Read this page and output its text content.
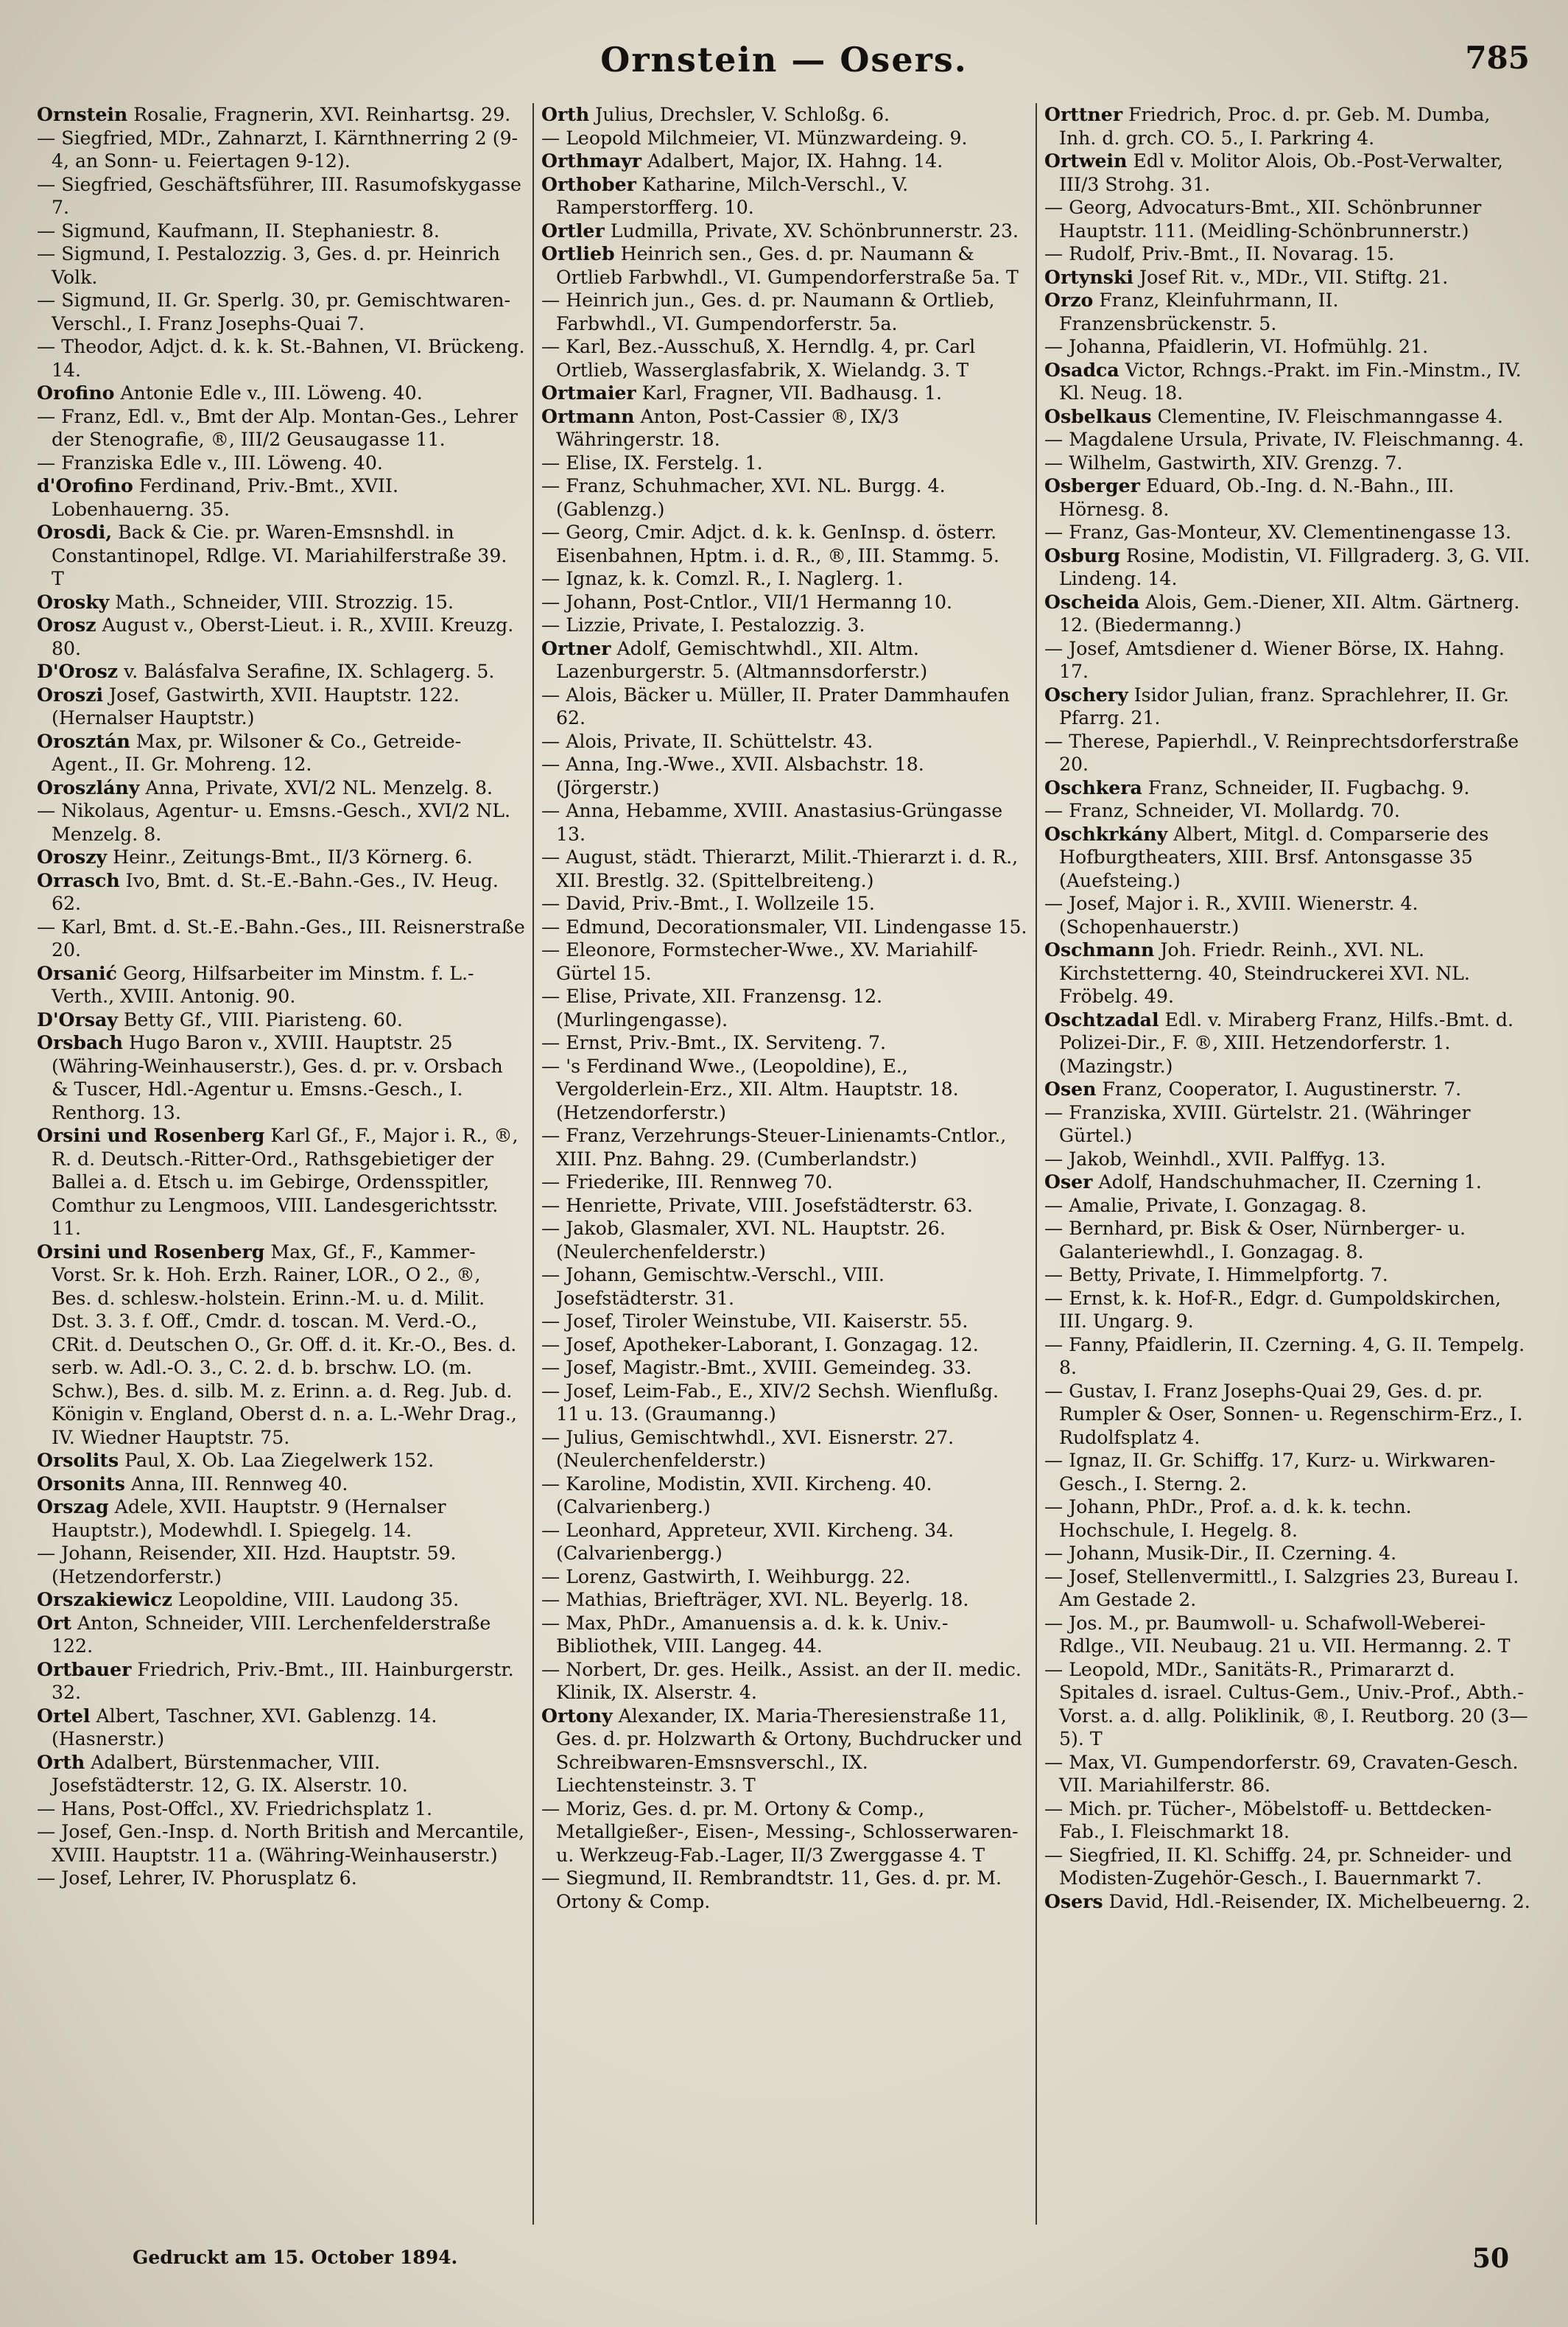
Ornstein — Osers.	785

Ornstein Rosalie, Fragnerin, XVI. Reinhartsg. 29.

— Siegfried, MDr., Zahnarzt, I. Kärnthnerring 2 (9-4, an Sonn- u. Feiertagen 9-12).

— Siegfried, Geschäftsführer, III. Rasumofskygasse 7.

— Sigmund, Kaufmann, II. Stephaniestr. 8.

— Sigmund, I. Pestalozzig. 3, Ges. d. pr. Heinrich Volk.

— Sigmund, II. Gr. Sperlg. 30, pr. Gemischtwaren-Verschl., I. Franz Josephs-Quai 7.

— Theodor, Adjct. d. k. k. St.-Bahnen, VI. Brückeng. 14.

Orofino Antonie Edle v., III. Löweng. 40.

— Franz, Edl. v., Bmt der Alp. Montan-Ges., Lehrer der Stenografie, ®, III/2 Geusaugasse 11.

— Franziska Edle v., III. Löweng. 40.

d'Orofino Ferdinand, Priv.-Bmt., XVII. Lobenhauerng. 35.

Orosdi, Back & Cie. pr. Waren-Emsnshdl. in Constantinopel, Rdlge. VI. Mariahilferstraße 39. T

Orosky Math., Schneider, VIII. Strozzig. 15.

Orosz August v., Oberst-Lieut. i. R., XVIII. Kreuzg. 80.

D'Orosz v. Balásfalva Serafine, IX. Schlagerg. 5.

Oroszi Josef, Gastwirth, XVII. Hauptstr. 122. (Hernalser Hauptstr.)

Orosztán Max, pr. Wilsoner & Co., Getreide-Agent., II. Gr. Mohreng. 12.

Oroszlány Anna, Private, XVI/2 NL. Menzelg. 8.

— Nikolaus, Agentur- u. Emsns.-Gesch., XVI/2 NL. Menzelg. 8.

Oroszy Heinr., Zeitungs-Bmt., II/3 Körnerg. 6.

Orrasch Ivo, Bmt. d. St.-E.-Bahn.-Ges., IV. Heug. 62.

— Karl, Bmt. d. St.-E.-Bahn.-Ges., III. Reisnerstraße 20.

Orsanić Georg, Hilfsarbeiter im Minstm. f. L.-Verth., XVIII. Antonig. 90.

D'Orsay Betty Gf., VIII. Piaristeng. 60.

Orsbach Hugo Baron v., XVIII. Hauptstr. 25 (Währing-Weinhauserstr.), Ges. d. pr. v. Orsbach & Tuscer, Hdl.-Agentur u. Emsns.-Gesch., I. Renthorg. 13.

Orsini und Rosenberg Karl Gf., F., Major i. R., ®, R. d. Deutsch.-Ritter-Ord., Rathsgebietiger der Ballei a. d. Etsch u. im Gebirge, Ordensspitler, Comthur zu Lengmoos, VIII. Landesgerichtsstr. 11.

Orsini und Rosenberg Max, Gf., F., Kammer-Vorst. Sr. k. Hoh. Erzh. Rainer, LOR., O 2., ®, Bes. d. schlesw.-holstein. Erinn.-M. u. d. Milit. Dst. 3. 3. f. Off., Cmdr. d. toscan. M. Verd.-O., CRit. d. Deutschen O., Gr. Off. d. it. Kr.-O., Bes. d. serb. w. Adl.-O. 3., C. 2. d. b. brschw. LO. (m. Schw.), Bes. d. silb. M. z. Erinn. a. d. Reg. Jub. d. Königin v. England, Oberst d. n. a. L.-Wehr Drag., IV. Wiedner Hauptstr. 75.

Orsolits Paul, X. Ob. Laa Ziegelwerk 152.

Orsonits Anna, III. Rennweg 40.

Orszag Adele, XVII. Hauptstr. 9 (Hernalser Hauptstr.), Modewhdl. I. Spiegelg. 14.

— Johann, Reisender, XII. Hzd. Hauptstr. 59. (Hetzendorferstr.)

Orszakiewicz Leopoldine, VIII. Laudong 35.

Ort Anton, Schneider, VIII. Lerchenfelderstraße 122.

Ortbauer Friedrich, Priv.-Bmt., III. Hainburgerstr. 32.

Ortel Albert, Taschner, XVI. Gablenzg. 14. (Hasnerstr.)

Orth Adalbert, Bürstenmacher, VIII. Josefstädterstr. 12, G. IX. Alserstr. 10.

— Hans, Post-Offcl., XV. Friedrichsplatz 1.

— Josef, Gen.-Insp. d. North British and Mercantile, XVIII. Hauptstr. 11 a. (Währing-Weinhauserstr.)

— Josef, Lehrer, IV. Phorusplatz 6.

Orth Julius, Drechsler, V. Schloßg. 6.

— Leopold Milchmeier, VI. Münzwardeing. 9.

Orthmayr Adalbert, Major, IX. Hahng. 14.

Orthober Katharine, Milch-Verschl., V. Ramperstorfferg. 10.

Ortler Ludmilla, Private, XV. Schönbrunnerstr. 23.

Ortlieb Heinrich sen., Ges. d. pr. Naumann & Ortlieb Farbwhdl., VI. Gumpendorferstraße 5a. T

— Heinrich jun., Ges. d. pr. Naumann & Ortlieb, Farbwhdl., VI. Gumpendorferstr. 5a.

— Karl, Bez.-Ausschuß, X. Herndlg. 4, pr. Carl Ortlieb, Wasserglasfabrik, X. Wielandg. 3. T

Ortmaier Karl, Fragner, VII. Badhausg. 1.

Ortmann Anton, Post-Cassier ®, IX/3 Währingerstr. 18.

— Elise, IX. Ferstelg. 1.

— Franz, Schuhmacher, XVI. NL. Burgg. 4. (Gablenzg.)

— Georg, Cmir. Adjct. d. k. k. GenInsp. d. österr. Eisenbahnen, Hptm. i. d. R., ®, III. Stammg. 5.

— Ignaz, k. k. Comzl. R., I. Naglerg. 1.

— Johann, Post-Cntlor., VII/1 Hermanng 10.

— Lizzie, Private, I. Pestalozzig. 3.

Ortner Adolf, Gemischtwhdl., XII. Altm. Lazenburgerstr. 5. (Altmannsdorferstr.)

— Alois, Bäcker u. Müller, II. Prater Dammhaufen 62.

— Alois, Private, II. Schüttelstr. 43.

— Anna, Ing.-Wwe., XVII. Alsbachstr. 18. (Jörgerstr.)

— Anna, Hebamme, XVIII. Anastasius-Grüngasse 13.

— August, städt. Thierarzt, Milit.-Thierarzt i. d. R., XII. Brestlg. 32. (Spittelbreiteng.)

— David, Priv.-Bmt., I. Wollzeile 15.

— Edmund, Decorationsmaler, VII. Lindengasse 15.

— Eleonore, Formstecher-Wwe., XV. Mariahilf-Gürtel 15.

— Elise, Private, XII. Franzensg. 12. (Murlingengasse).

— Ernst, Priv.-Bmt., IX. Serviteng. 7.

— 's Ferdinand Wwe., (Leopoldine), E., Vergolderlein-Erz., XII. Altm. Hauptstr. 18. (Hetzendorferstr.)

— Franz, Verzehrungs-Steuer-Linienamts-Cntlor., XIII. Pnz. Bahng. 29. (Cumberlandstr.)

— Friederike, III. Rennweg 70.

— Henriette, Private, VIII. Josefstädterstr. 63.

— Jakob, Glasmaler, XVI. NL. Hauptstr. 26. (Neulerchenfelderstr.)

— Johann, Gemischtw.-Verschl., VIII. Josefstädterstr. 31.

— Josef, Tiroler Weinstube, VII. Kaiserstr. 55.

— Josef, Apotheker-Laborant, I. Gonzagag. 12.

— Josef, Magistr.-Bmt., XVIII. Gemeindeg. 33.

— Josef, Leim-Fab., E., XIV/2 Sechsh. Wienflußg. 11 u. 13. (Graumanng.)

— Julius, Gemischtwhdl., XVI. Eisnerstr. 27. (Neulerchenfelderstr.)

— Karoline, Modistin, XVII. Kircheng. 40. (Calvarienberg.)

— Leonhard, Appreteur, XVII. Kircheng. 34. (Calvarienbergg.)

— Lorenz, Gastwirth, I. Weihburgg. 22.

— Mathias, Briefträger, XVI. NL. Beyerlg. 18.

— Max, PhDr., Amanuensis a. d. k. k. Univ.-Bibliothek, VIII. Langeg. 44.

— Norbert, Dr. ges. Heilk., Assist. an der II. medic. Klinik, IX. Alserstr. 4.

Ortony Alexander, IX. Maria-Theresienstraße 11, Ges. d. pr. Holzwarth & Ortony, Buchdrucker und Schreibwaren-Emsnsverschl., IX. Liechtensteinstr. 3. T

— Moriz, Ges. d. pr. M. Ortony & Comp., Metallgießer-, Eisen-, Messing-, Schlosserwaren- u. Werkzeug-Fab.-Lager, II/3 Zwerggasse 4. T

— Siegmund, II. Rembrandtstr. 11, Ges. d. pr. M. Ortony & Comp.

Orttner Friedrich, Proc. d. pr. Geb. M. Dumba, Inh. d. grch. CO. 5., I. Parkring 4.

Ortwein Edl v. Molitor Alois, Ob.-Post-Verwalter, III/3 Strohg. 31.

— Georg, Advocaturs-Bmt., XII. Schönbrunner Hauptstr. 111. (Meidling-Schönbrunnerstr.)

— Rudolf, Priv.-Bmt., II. Novarag. 15.

Ortynski Josef Rit. v., MDr., VII. Stiftg. 21.

Orzo Franz, Kleinfuhrmann, II. Franzensbrückenstr. 5.

— Johanna, Pfaidlerin, VI. Hofmühlg. 21.

Osadca Victor, Rchngs.-Prakt. im Fin.-Minstm., IV. Kl. Neug. 18.

Osbelkaus Clementine, IV. Fleischmanngasse 4.

— Magdalene Ursula, Private, IV. Fleischmanng. 4.

— Wilhelm, Gastwirth, XIV. Grenzg. 7.

Osberger Eduard, Ob.-Ing. d. N.-Bahn., III. Hörnesg. 8.

— Franz, Gas-Monteur, XV. Clementinengasse 13.

Osburg Rosine, Modistin, VI. Fillgraderg. 3, G. VII. Lindeng. 14.

Oscheida Alois, Gem.-Diener, XII. Altm. Gärtnerg. 12. (Biedermanng.)

— Josef, Amtsdiener d. Wiener Börse, IX. Hahng. 17.

Oschery Isidor Julian, franz. Sprachlehrer, II. Gr. Pfarrg. 21.

— Therese, Papierhdl., V. Reinprechtsdorferstraße 20.

Oschkera Franz, Schneider, II. Fugbachg. 9.

— Franz, Schneider, VI. Mollardg. 70.

Oschkrkány Albert, Mitgl. d. Comparserie des Hofburgtheaters, XIII. Brsf. Antonsgasse 35 (Auefsteing.)

— Josef, Major i. R., XVIII. Wienerstr. 4. (Schopenhauerstr.)

Oschmann Joh. Friedr. Reinh., XVI. NL. Kirchstetterng. 40, Steindruckerei XVI. NL. Fröbelg. 49.

Oschtzadal Edl. v. Miraberg Franz, Hilfs.-Bmt. d. Polizei-Dir., F. ®, XIII. Hetzendorferstr. 1. (Mazingstr.)

Osen Franz, Cooperator, I. Augustinerstr. 7.

— Franziska, XVIII. Gürtelstr. 21. (Währinger Gürtel.)

— Jakob, Weinhdl., XVII. Palffyg. 13.

Oser Adolf, Handschuhmacher, II. Czerning 1.

— Amalie, Private, I. Gonzagag. 8.

— Bernhard, pr. Bisk & Oser, Nürnberger- u. Galanteriewhdl., I. Gonzagag. 8.

— Betty, Private, I. Himmelpfortg. 7.

— Ernst, k. k. Hof-R., Edgr. d. Gumpoldskirchen, III. Ungarg. 9.

— Fanny, Pfaidlerin, II. Czerning. 4, G. II. Tempelg. 8.

— Gustav, I. Franz Josephs-Quai 29, Ges. d. pr. Rumpler & Oser, Sonnen- u. Regenschirm-Erz., I. Rudolfsplatz 4.

— Ignaz, II. Gr. Schiffg. 17, Kurz- u. Wirkwaren-Gesch., I. Sterng. 2.

— Johann, PhDr., Prof. a. d. k. k. techn. Hochschule, I. Hegelg. 8.

— Johann, Musik-Dir., II. Czerning. 4.

— Josef, Stellenvermittl., I. Salzgries 23, Bureau I. Am Gestade 2.

— Jos. M., pr. Baumwoll- u. Schafwoll-Weberei-Rdlge., VII. Neubaug. 21 u. VII. Hermanng. 2. T

— Leopold, MDr., Sanitäts-R., Primararzt d. Spitales d. israel. Cultus-Gem., Univ.-Prof., Abth.-Vorst. a. d. allg. Poliklinik, ®, I. Reutborg. 20 (3—5). T

— Max, VI. Gumpendorferstr. 69, Cravaten-Gesch. VII. Mariahilferstr. 86.

— Mich. pr. Tücher-, Möbelstoff- u. Bettdecken-Fab., I. Fleischmarkt 18.

— Siegfried, II. Kl. Schiffg. 24, pr. Schneider- und Modisten-Zugehör-Gesch., I. Bauernmarkt 7.

Osers David, Hdl.-Reisender, IX. Michelbeuerng. 2.

Gedruckt am 15. October 1894.	50
